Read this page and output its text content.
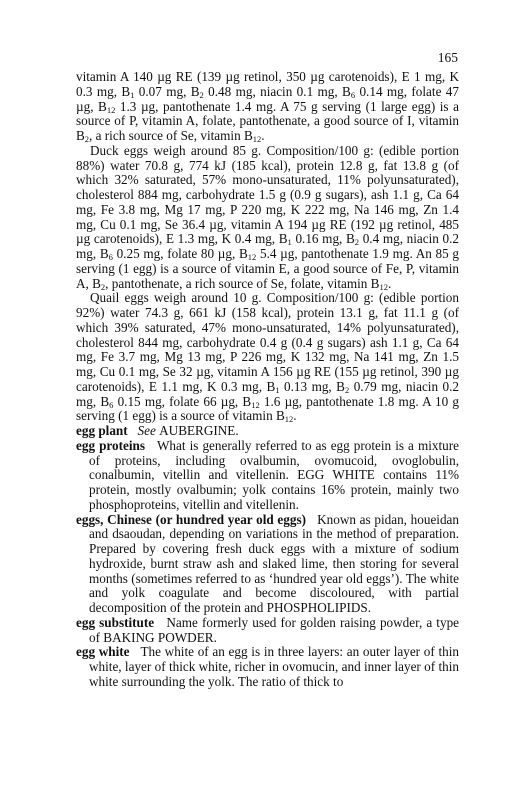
165

vitamin A 140 µg RE (139 µg retinol, 350 µg carotenoids), E 1 mg, K 0.3 mg, $B_1$ 0.07 mg, $B_2$ 0.48 mg, niacin 0.1 mg, $B_6$ 0.14 mg, folate 47 µg, $B_{12}$ 1.3 µg, pantothenate 1.4 mg. A 75 g serving (1 large egg) is a source of P, vitamin A, folate, pantothenate, a good source of I, vitamin $B_2$, a rich source of Se, vitamin $B_{12}$.

Duck eggs weigh around 85 g. Composition/100 g: (edible portion 88%) water 70.8 g, 774 kJ (185 kcal), protein 12.8 g, fat 13.8 g (of which 32% saturated, 57% mono-unsaturated, 11% polyunsaturated), cholesterol 884 mg, carbohydrate 1.5 g (0.9 g sugars), ash 1.1 g, Ca 64 mg, Fe 3.8 mg, Mg 17 mg, P 220 mg, K 222 mg, Na 146 mg, Zn 1.4 mg, Cu 0.1 mg, Se 36.4 µg, vitamin A 194 µg RE (192 µg retinol, 485 µg carotenoids), E 1.3 mg, K 0.4 mg, $B_1$ 0.16 mg, $B_2$ 0.4 mg, niacin 0.2 mg, $B_6$ 0.25 mg, folate 80 µg, $B_{12}$ 5.4 µg, pantothenate 1.9 mg. An 85 g serving (1 egg) is a source of vitamin E, a good source of Fe, P, vitamin A, $B_2$, pantothenate, a rich source of Se, folate, vitamin $B_{12}$.

Quail eggs weigh around 10 g. Composition/100 g: (edible portion 92%) water 74.3 g, 661 kJ (158 kcal), protein 13.1 g, fat 11.1 g (of which 39% saturated, 47% mono-unsaturated, 14% polyunsaturated), cholesterol 844 mg, carbohydrate 0.4 g (0.4 g sugars) ash 1.1 g, Ca 64 mg, Fe 3.7 mg, Mg 13 mg, P 226 mg, K 132 mg, Na 141 mg, Zn 1.5 mg, Cu 0.1 mg, Se 32 µg, vitamin A 156 µg RE (155 µg retinol, 390 µg carotenoids), E 1.1 mg, K 0.3 mg, $B_1$ 0.13 mg, $B_2$ 0.79 mg, niacin 0.2 mg, $B_6$ 0.15 mg, folate 66 µg, $B_{12}$ 1.6 µg, pantothenate 1.8 mg. A 10 g serving (1 egg) is a source of vitamin $B_{12}$.

egg plant See AUBERGINE.

egg proteins What is generally referred to as egg protein is a mixture of proteins, including ovalbumin, ovomucoid, ovoglobulin, conalbumin, vitellin and vitellenin. EGG WHITE contains 11% protein, mostly ovalbumin; yolk contains 16% protein, mainly two phosphoproteins, vitellin and vitellenin.

eggs, Chinese (or hundred year old eggs) Known as pidan, houeidan and dsaoudan, depending on variations in the method of preparation. Prepared by covering fresh duck eggs with a mixture of sodium hydroxide, burnt straw ash and slaked lime, then storing for several months (sometimes referred to as ‘hundred year old eggs’). The white and yolk coagulate and become discoloured, with partial decomposition of the protein and PHOSPHOLIPIDS.

egg substitute Name formerly used for golden raising powder, a type of BAKING POWDER.

egg white The white of an egg is in three layers: an outer layer of thin white, layer of thick white, richer in ovomucin, and inner layer of thin white surrounding the yolk. The ratio of thick to
